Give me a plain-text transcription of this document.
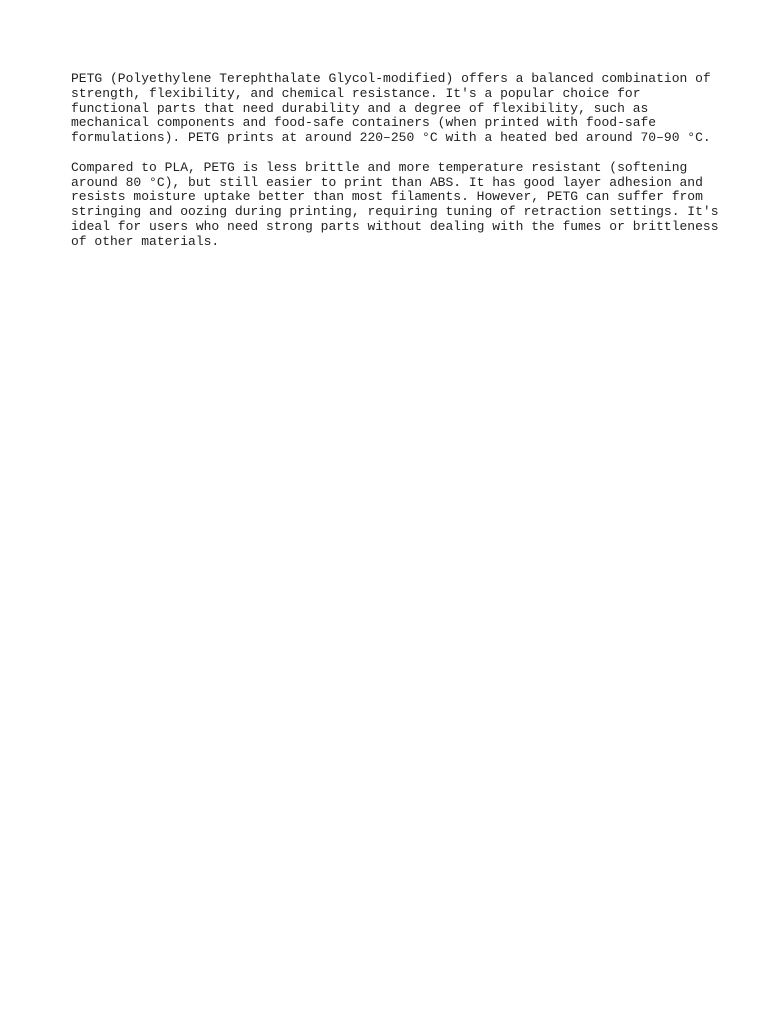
PETG (Polyethylene Terephthalate Glycol-modified) offers a balanced combination of
strength, flexibility, and chemical resistance. It's a popular choice for
functional parts that need durability and a degree of flexibility, such as
mechanical components and food-safe containers (when printed with food-safe
formulations). PETG prints at around 220–250 °C with a heated bed around 70–90 °C.

Compared to PLA, PETG is less brittle and more temperature resistant (softening
around 80 °C), but still easier to print than ABS. It has good layer adhesion and
resists moisture uptake better than most filaments. However, PETG can suffer from
stringing and oozing during printing, requiring tuning of retraction settings. It's
ideal for users who need strong parts without dealing with the fumes or brittleness
of other materials.
